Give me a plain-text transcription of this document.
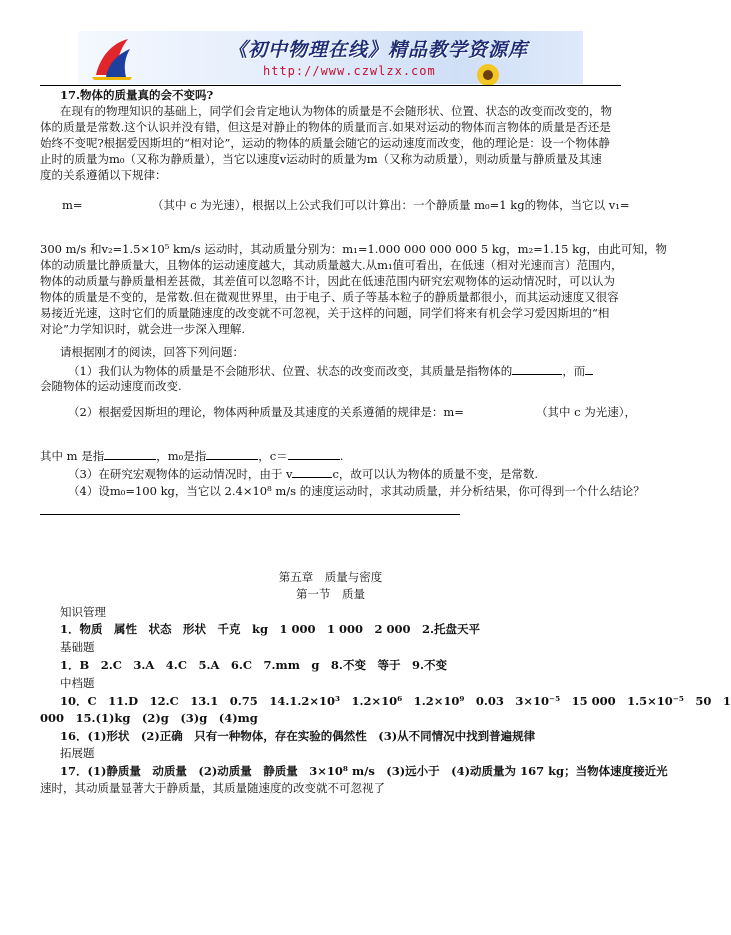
《初中物理在线》精品教学资源库
http://www.czwlzx.com
17.物体的质量真的会不变吗?
在现有的物理知识的基础上，同学们会肯定地认为物体的质量是不会随形状、位置、状态的改变而改变的，物
体的质量是常数.这个认识并没有错，但这是对静止的物体的质量而言.如果对运动的物体而言物体的质量是否还是
始终不变呢?根据爱因斯坦的“相对论”，运动的物体的质量会随它的运动速度而改变，他的理论是：设一个物体静
止时的质量为m₀（又称为静质量），当它以速度v运动时的质量为m（又称为动质量），则动质量与静质量及其速
度的关系遵循以下规律：
m=	（其中 c 为光速），根据以上公式我们可以计算出：一个静质量 m₀=1 kg的物体，当它以 v₁=
300 m/s 和v₂=1.5×10⁵ km/s 运动时，其动质量分别为：m₁=1.000 000 000 000 5 kg，m₂=1.15 kg，由此可知，物
体的动质量比静质量大，且物体的运动速度越大，其动质量越大.从m₁值可看出，在低速（相对光速而言）范围内，
物体的动质量与静质量相差甚微，其差值可以忽略不计，因此在低速范围内研究宏观物体的运动情况时，可以认为
物体的质量是不变的，是常数.但在微观世界里，由于电子、质子等基本粒子的静质量都很小，而其运动速度又很容
易接近光速，这时它们的质量随速度的改变就不可忽视，关于这样的问题，同学们将来有机会学习爱因斯坦的“相
对论”力学知识时，就会进一步深入理解.
请根据刚才的阅读，回答下列问题：
（1）我们认为物体的质量是不会随形状、位置、状态的改变而改变，其质量是指物体的	，而
会随物体的运动速度而改变.
（2）根据爱因斯坦的理论，物体两种质量及其速度的关系遵循的规律是：m=	（其中 c 为光速），
其中 m 是指	，m₀是指	，c＝	.
（3）在研究宏观物体的运动情况时，由于 v	c，故可以认为物体的质量不变，是常数.
（4）设m₀=100 kg，当它以 2.4×10⁸ m/s 的速度运动时，求其动质量，并分析结果，你可得到一个什么结论？
第五章　质量与密度
第一节　质量
知识管理
1．物质　属性　状态　形状　千克　kg　1 000　1 000　2 000　2.托盘天平
基础题
1．B　2.C　3.A　4.C　5.A　6.C　7.mm　g　8.不变　等于　9.不变
中档题
10．C　11.D　12.C　13.1　0.75　14.1.2×10³　1.2×10⁶　1.2×10⁹　0.03　3×10⁻⁵　15 000　1.5×10⁻⁵　50　1
000　15.(1)kg　(2)g　(3)g　(4)mg
16．(1)形状　(2)正确　只有一种物体，存在实验的偶然性　(3)从不同情况中找到普遍规律
拓展题
17．(1)静质量　动质量　(2)动质量　静质量　3×10⁸ m/s　(3)远小于　(4)动质量为 167 kg；当物体速度接近光
速时，其动质量显著大于静质量，其质量随速度的改变就不可忽视了
